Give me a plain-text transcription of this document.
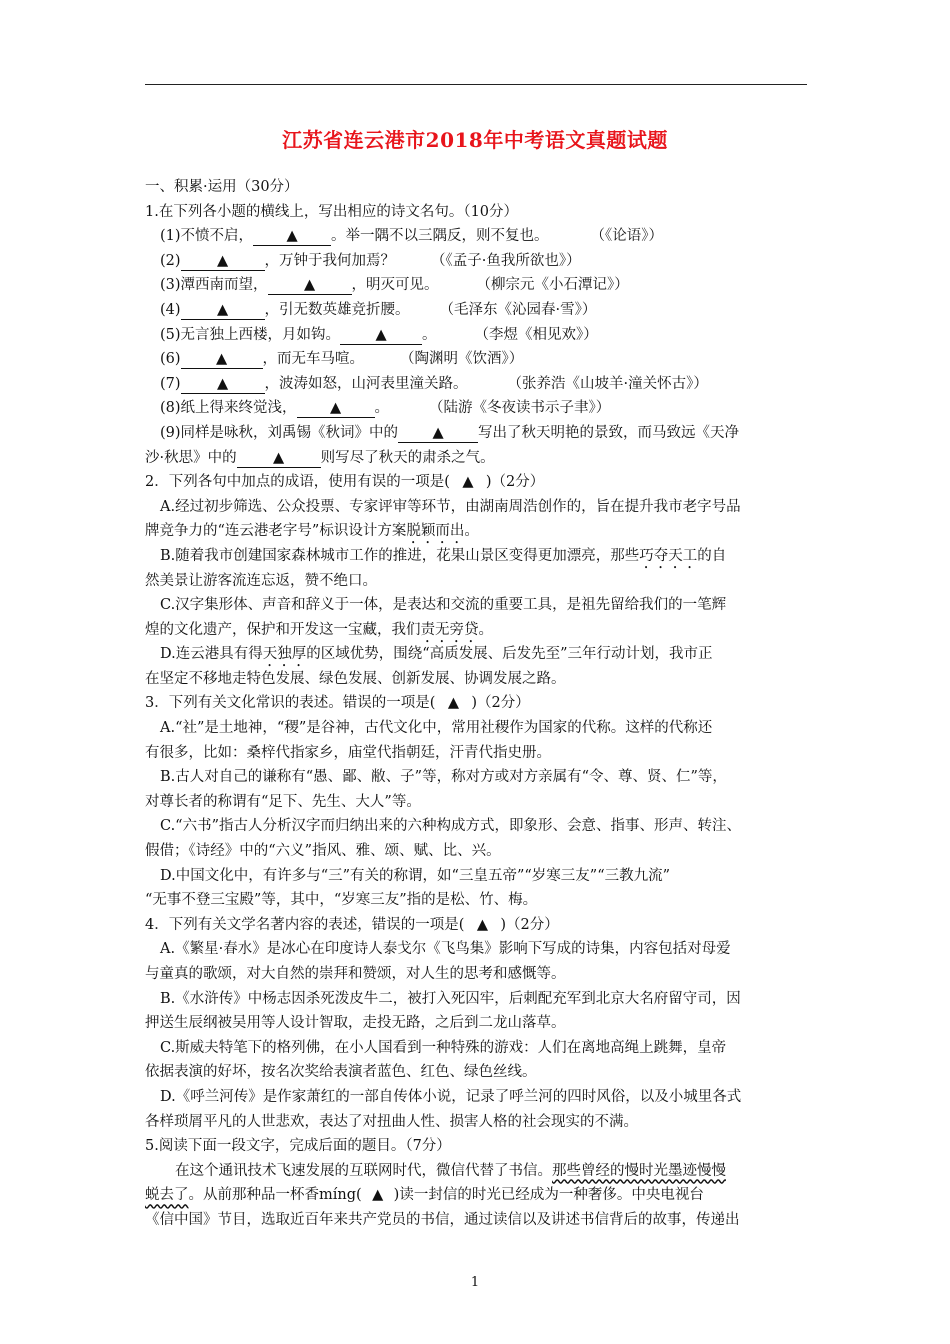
江苏省连云港市2018年中考语文真题试题
一、积累·运用（30分）
1.在下列各小题的横线上，写出相应的诗文名句。（10分）
(1)不愤不启， ▲ 。举一隅不以三隅反，则不复也。	（《论语》）
(2)	▲	，万钟于我何加焉？ （《孟子·鱼我所欲也》）
(3)潭西南而望，	▲	，明灭可见。	（柳宗元《小石潭记》）
(4)	▲	，引无数英雄竞折腰。 （毛泽东《沁园春·雪》）
(5)无言独上西楼，月如钩。 ▲ 。	（李煜《相见欢》）
(6) ▲ ，而无车马喧。 （陶渊明《饮酒》）
(7)	▲	，波涛如怒，山河表里潼关路。	（张养浩《山坡羊·潼关怀古》）
(8)纸上得来终觉浅， ▲ 。	（陆游《冬夜读书示子聿》）
(9)同样是咏秋，刘禹锡《秋词》中的 ▲ 写出了秋天明艳的景致，而马致远《天净
沙·秋思》中的	▲	则写尽了秋天的肃杀之气。
2．下列各句中加点的成语，使用有误的一项是( ▲ )（2分）
A.经过初步筛选、公众投票、专家评审等环节，由湖南周浩创作的，旨在提升我市老字号品
牌竞争力的“连云港老字号”标识设计方案脱颖而出。
B.随着我市创建国家森林城市工作的推进，花果山景区变得更加漂亮，那些巧夺天工的自
然美景让游客流连忘返，赞不绝口。
C.汉字集形体、声音和辞义于一体，是表达和交流的重要工具，是祖先留给我们的一笔辉
煌的文化遗产，保护和开发这一宝藏，我们责无旁贷。
D.连云港具有得天独厚的区域优势，围绕“高质发展、后发先至”三年行动计划，我市正
在坚定不移地走特色发展、绿色发展、创新发展、协调发展之路。
3．下列有关文化常识的表述。错误的一项是( ▲ )（2分）
A.“社”是土地神，“稷”是谷神，古代文化中，常用社稷作为国家的代称。这样的代称还
有很多，比如：桑梓代指家乡，庙堂代指朝廷，汗青代指史册。
B.古人对自己的谦称有“愚、鄙、敝、子”等，称对方或对方亲属有“令、尊、贤、仁”等，
对尊长者的称谓有“足下、先生、大人”等。
C.“六书”指古人分析汉字而归纳出来的六种构成方式，即象形、会意、指事、形声、转注、
假借；《诗经》中的“六义”指风、雅、颂、赋、比、兴。
D.中国文化中，有许多与“三”有关的称谓，如“三皇五帝”“岁寒三友”“三教九流”
“无事不登三宝殿”等，其中，“岁寒三友”指的是松、竹、梅。
4．下列有关文学名著内容的表述，错误的一项是( ▲ )（2分）
A.《繁星·春水》是冰心在印度诗人泰戈尔《飞鸟集》影响下写成的诗集，内容包括对母爱
与童真的歌颂，对大自然的崇拜和赞颂，对人生的思考和感慨等。
B.《水浒传》中杨志因杀死泼皮牛二，被打入死囚牢，后刺配充军到北京大名府留守司，因
押送生辰纲被吴用等人设计智取，走投无路，之后到二龙山落草。
C.斯威夫特笔下的格列佛，在小人国看到一种特殊的游戏：人们在离地高绳上跳舞，皇帝
依据表演的好坏，按名次奖给表演者蓝色、红色、绿色丝线。
D.《呼兰河传》是作家萧红的一部自传体小说，记录了呼兰河的四时风俗，以及小城里各式
各样琐屑平凡的人世悲欢，表达了对扭曲人性、损害人格的社会现实的不满。
5.阅读下面一段文字，完成后面的题目。（7分）
在这个通讯技术飞速发展的互联网时代，微信代替了书信。那些曾经的慢时光墨迹慢慢
蜕去了。从前那种品一杯香míng( ▲ )读一封信的时光已经成为一种奢侈。中央电视台
《信中国》节目，选取近百年来共产党员的书信，通过读信以及讲述书信背后的故事，传递出
1
